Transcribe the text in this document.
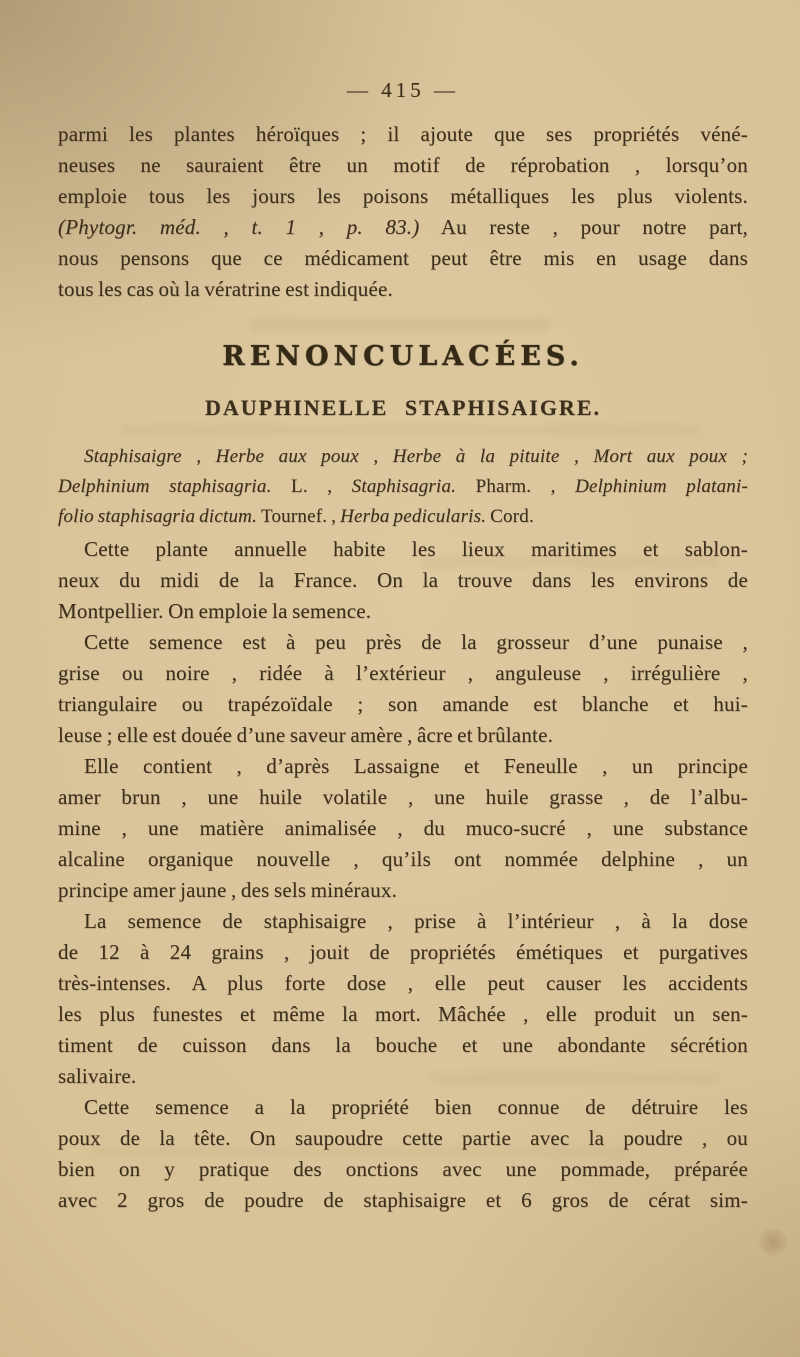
— 415 —
parmi les plantes héroïques ; il ajoute que ses propriétés véné-
neuses ne sauraient être un motif de réprobation , lorsqu’on
emploie tous les jours les poisons métalliques les plus violents.
(Phytogr. méd. , t. 1 , p. 83.) Au reste , pour notre part,
nous pensons que ce médicament peut être mis en usage dans
tous les cas où la vératrine est indiquée.
RENONCULACÉES.
DAUPHINELLE STAPHISAIGRE.
Staphisaigre , Herbe aux poux , Herbe à la pituite , Mort aux poux ;
Delphinium staphisagria. L. , Staphisagria. Pharm. , Delphinium platani-
folio staphisagria dictum. Tournef. , Herba pedicularis. Cord.
Cette plante annuelle habite les lieux maritimes et sablon-
neux du midi de la France. On la trouve dans les environs de
Montpellier. On emploie la semence.
Cette semence est à peu près de la grosseur d’une punaise ,
grise ou noire , ridée à l’extérieur , anguleuse , irrégulière ,
triangulaire ou trapézoïdale ; son amande est blanche et hui-
leuse ; elle est douée d’une saveur amère , âcre et brûlante.
Elle contient , d’après Lassaigne et Feneulle , un principe
amer brun , une huile volatile , une huile grasse , de l’albu-
mine , une matière animalisée , du muco-sucré , une substance
alcaline organique nouvelle , qu’ils ont nommée delphine , un
principe amer jaune , des sels minéraux.
La semence de staphisaigre , prise à l’intérieur , à la dose
de 12 à 24 grains , jouit de propriétés émétiques et purgatives
très-intenses. A plus forte dose , elle peut causer les accidents
les plus funestes et même la mort. Mâchée , elle produit un sen-
timent de cuisson dans la bouche et une abondante sécrétion
salivaire.
Cette semence a la propriété bien connue de détruire les
poux de la tête. On saupoudre cette partie avec la poudre , ou
bien on y pratique des onctions avec une pommade, préparée
avec 2 gros de poudre de staphisaigre et 6 gros de cérat sim-
